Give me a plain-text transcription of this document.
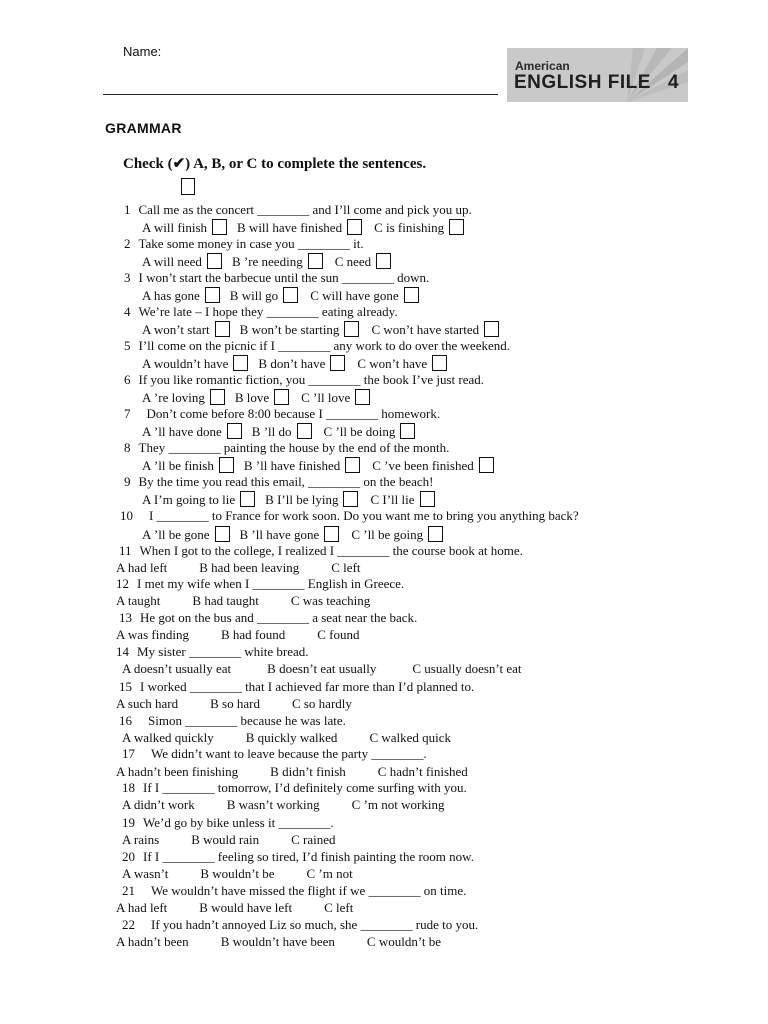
Name:
American
ENGLISH FILE 4
GRAMMAR
Check (✔) A, B, or C to complete the sentences.
1 Call me as the concert ________ and I’ll come and pick you up.
A will finish B will have finished C is finishing
2 Take some money in case you ________ it.
A will need B ’re needing C need
3 I won’t start the barbecue until the sun ________ down.
A has gone B will go C will have gone
4 We’re late – I hope they ________ eating already.
A won’t start B won’t be starting C won’t have started
5 I’ll come on the picnic if I ________ any work to do over the weekend.
A wouldn’t have B don’t have C won’t have
6 If you like romantic fiction, you ________ the book I’ve just read.
A ’re loving B love C ’ll love
7 Don’t come before 8:00 because I ________ homework.
A ’ll have done B ’ll do C ’ll be doing
8 They ________ painting the house by the end of the month.
A ’ll be finish B ’ll have finished C ’ve been finished
9 By the time you read this email, ________ on the beach!
A I’m going to lie B I’ll be lying C I’ll lie
10 I ________ to France for work soon. Do you want me to bring you anything back?
A ’ll be gone B ’ll have gone C ’ll be going
11 When I got to the college, I realized I ________ the course book at home.
A had left B had been leaving C left
12 I met my wife when I ________ English in Greece.
A taught B had taught C was teaching
13 He got on the bus and ________ a seat near the back.
A was finding B had found C found
14 My sister ________ white bread.
A doesn’t usually eat	B doesn’t eat usually	C usually doesn’t eat
15 I worked ________ that I achieved far more than I’d planned to.
A such hard B so hard C so hardly
16 Simon ________ because he was late.
A walked quickly B quickly walked C walked quick
17 We didn’t want to leave because the party ________.
A hadn’t been finishing B didn’t finish C hadn’t finished
18 If I ________ tomorrow, I’d definitely come surfing with you.
A didn’t work B wasn’t working C ’m not working
19 We’d go by bike unless it ________.
A rains B would rain C rained
20 If I ________ feeling so tired, I’d finish painting the room now.
A wasn’t B wouldn’t be C ’m not
21 We wouldn’t have missed the flight if we ________ on time.
A had left B would have left C left
22 If you hadn’t annoyed Liz so much, she ________ rude to you.
A hadn’t been B wouldn’t have been C wouldn’t be
